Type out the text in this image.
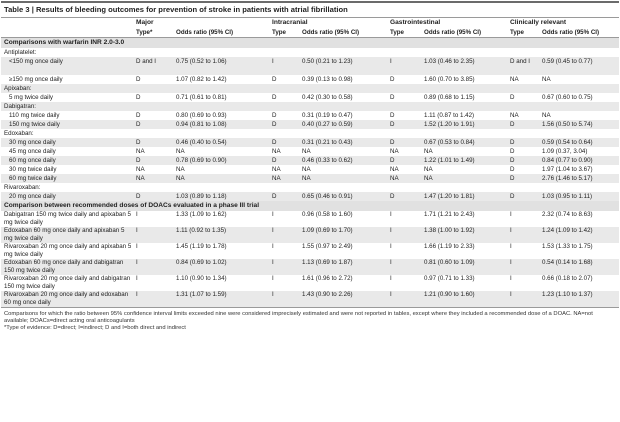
Table 3 | Results of bleeding outcomes for prevention of stroke in patients with atrial fibrillation
	Major		Intracranial		Gastrointestinal		Clinically relevant	
	Type*	Odds ratio (95% CI)	Type	Odds ratio (95% CI)	Type	Odds ratio (95% CI)	Type	Odds ratio (95% CI)
Comparisons with warfarin INR 2.0-3.0								
Antiplatelet:								
<150 mg once daily	D and I	0.75 (0.52 to 1.06)	I	0.50 (0.21 to 1.23)	I	1.03 (0.46 to 2.35)	D and I	0.59 (0.45 to 0.77)
≥150 mg once daily	D	1.07 (0.82 to 1.42)	D	0.39 (0.13 to 0.98)	D	1.60 (0.70 to 3.85)	NA	NA
Apixaban:								
5 mg twice daily	D	0.71 (0.61 to 0.81)	D	0.42 (0.30 to 0.58)	D	0.89 (0.68 to 1.15)	D	0.67 (0.60 to 0.75)
Dabigatran:								
110 mg twice daily	D	0.80 (0.69 to 0.93)	D	0.31 (0.19 to 0.47)	D	1.11 (0.87 to 1.42)	NA	NA
150 mg twice daily	D	0.94 (0.81 to 1.08)	D	0.40 (0.27 to 0.59)	D	1.52 (1.20 to 1.91)	D	1.56 (0.50 to 5.74)
Edoxaban:								
30 mg once daily	D	0.46 (0.40 to 0.54)	D	0.31 (0.21 to 0.43)	D	0.67 (0.53 to 0.84)	D	0.59 (0.54 to 0.64)
45 mg once daily	NA	NA	NA	NA	NA	NA	D	1.09 (0.37, 3.04)
60 mg once daily	D	0.78 (0.69 to 0.90)	D	0.46 (0.33 to 0.62)	D	1.22 (1.01 to 1.49)	D	0.84 (0.77 to 0.90)
30 mg twice daily	NA	NA	NA	NA	NA	NA	D	1.97 (1.04 to 3.67)
60 mg twice daily	NA	NA	NA	NA	NA	NA	D	2.76 (1.46 to 5.17)
Rivaroxaban:								
20 mg once daily	D	1.03 (0.89 to 1.18)	D	0.65 (0.46 to 0.91)	D	1.47 (1.20 to 1.81)	D	1.03 (0.95 to 1.11)
Comparison between recommended doses of DOACs evaluated in a phase III trial								
Dabigatran 150 mg twice daily and apixaban 5 mg twice daily	I	1.33 (1.09 to 1.62)	I	0.96 (0.58 to 1.60)	I	1.71 (1.21 to 2.43)	I	2.32 (0.74 to 8.63)
Edoxaban 60 mg once daily and apixaban 5 mg twice daily	I	1.11 (0.92 to 1.35)	I	1.09 (0.69 to 1.70)	I	1.38 (1.00 to 1.92)	I	1.24 (1.09 to 1.42)
Rivaroxaban 20 mg once daily and apixaban 5 mg twice daily	I	1.45 (1.19 to 1.78)	I	1.55 (0.97 to 2.49)	I	1.66 (1.19 to 2.33)	I	1.53 (1.33 to 1.75)
Edoxaban 60 mg once daily and dabigatran 150 mg twice daily	I	0.84 (0.69 to 1.02)	I	1.13 (0.69 to 1.87)	I	0.81 (0.60 to 1.09)	I	0.54 (0.14 to 1.68)
Rivaroxaban 20 mg once daily and dabigatran 150 mg twice daily	I	1.10 (0.90 to 1.34)	I	1.61 (0.96 to 2.72)	I	0.97 (0.71 to 1.33)	I	0.66 (0.18 to 2.07)
Rivaroxaban 20 mg once daily and edoxaban 60 mg once daily	I	1.31 (1.07 to 1.59)	I	1.43 (0.90 to 2.26)	I	1.21 (0.90 to 1.60)	I	1.23 (1.10 to 1.37)
Comparisons for which the ratio between 95% confidence interval limits exceeded nine were considered imprecisely estimated and were not reported in tables, except where they included a recommended dose of a DOAC. NA=not available; DOACs=direct acting oral anticoagulants
*Type of evidence: D=direct; I=indirect; D and I=both direct and indirect
